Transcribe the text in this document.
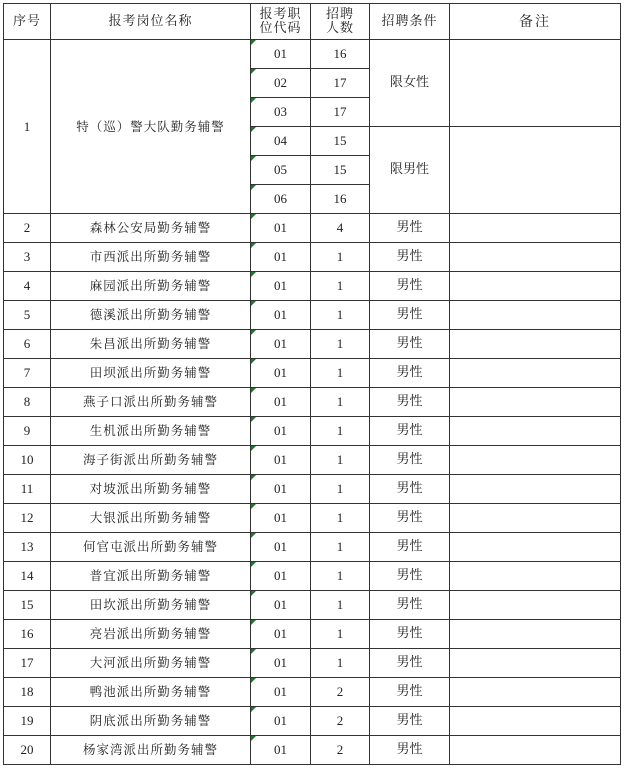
序号	报考岗位名称	报考职位代码	招聘人数	招聘条件	备注
1	特（巡）警大队勤务辅警	01	16	限女性	
		02	17		
		03	17		
		04	15	限男性	
		05	15		
		06	16		
2	森林公安局勤务辅警	01	4	男性	
3	市西派出所勤务辅警	01	1	男性	
4	麻园派出所勤务辅警	01	1	男性	
5	德溪派出所勤务辅警	01	1	男性	
6	朱昌派出所勤务辅警	01	1	男性	
7	田坝派出所勤务辅警	01	1	男性	
8	燕子口派出所勤务辅警	01	1	男性	
9	生机派出所勤务辅警	01	1	男性	
10	海子街派出所勤务辅警	01	1	男性	
11	对坡派出所勤务辅警	01	1	男性	
12	大银派出所勤务辅警	01	1	男性	
13	何官屯派出所勤务辅警	01	1	男性	
14	普宜派出所勤务辅警	01	1	男性	
15	田坎派出所勤务辅警	01	1	男性	
16	亮岩派出所勤务辅警	01	1	男性	
17	大河派出所勤务辅警	01	1	男性	
18	鸭池派出所勤务辅警	01	2	男性	
19	阴底派出所勤务辅警	01	2	男性	
20	杨家湾派出所勤务辅警	01	2	男性	
